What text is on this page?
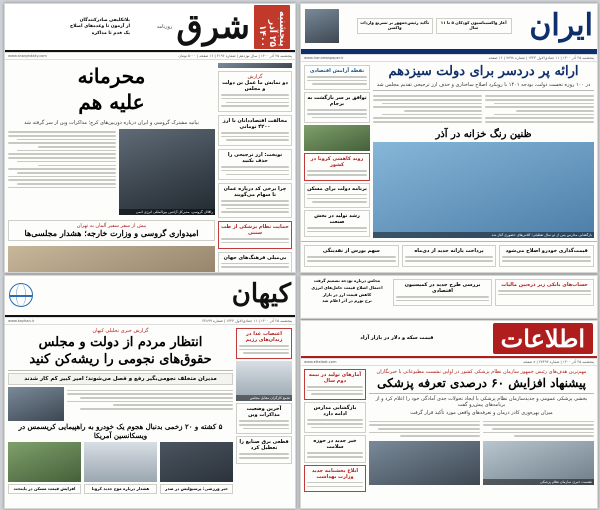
پنجشنبه ۲۵ آذر ۱۴۰۰
شرق
روزنامه
بلاتکلیفی صادرکنندگان
از آزمون تا وعده‌های اصلاح
یک قدم تا مذاکره
پنجشنبه ۲۵ آذر ۱۴۰۰ | سال نوزدهم | شماره ۴۱۹۶ | ۱۶ صفحه | ۵۰۰۰ تومان
www.sharghdaily.com
گزارش
دو نمایش ما عمل بن دولت و مجلس
مخالفت اقتصاد‌دانان با ارز ۴۲۰۰ تومانی
نوبخت: ارز ترجیحی را حذف نکنید
چرا برخی کد درباره عمان تا سهام می‌گویند
حمایت نظام پزشکی از طب سنتی
بی‌میلی فرهنگ‌های جهان
محرمانه
علیه هم
بیانیه مشترک گروسی و ایران درباره دوربین‌های کرج؛ مذاکرات وین از سر گرفته شد
رافائل گروسی، مدیرکل آژانس بین‌المللی انرژی اتمی
پیش از سفر سفیر آلمان به تهران
امیدواری گروسی و وزارت خارجه؛ هشدار مجلسی‌ها
ایران
آغاز واکسیناسیون کودکان ۵ تا ۱۱ سال
تأکید رئیس‌جمهور بر تسریع واردات واکسن
پنجشنبه ۲۵ آذر ۱۴۰۰ | ۱۱ جمادی‌الاول ۱۴۴۳ | شماره ۷۷۹۸ | ۱۶ صفحه
www.irannewspaper.ir
ارائه پر دردسر برای دولت سیزدهم
در ۱۰۰ روزه نخست دولت، بودجه ۱۴۰۱ با رویکرد اصلاح ساختاری و حذف ارز ترجیحی تقدیم مجلس شد
ظنین رنگ خزانه در آذر
بازگشایی مدارس پس از دو سال تعطیلی؛ کلاس‌های حضوری آغاز شد
نقطه آرامش اقتصادی
توافق بر سر بازگشت به برجام
روند کاهشی کرونا در کشور
برنامه دولت برای مسکن
رشد تولید در بخش صنعت
قیمت‌گذاری خودرو اصلاح می‌شود
پرداخت یارانه جدید از دی‌ماه
سهم بورس از نقدینگی
حساب‌های بانکی زیر ذره‌بین مالیات
بررسی طرح جدید در کمیسیون اقتصادی
مجلس درباره بودجه تصمیم گرفت
احتمال اصلاح قیمت حامل‌های انرژی
کاهش قیمت ارز در بازار
نرخ تورم در آذر اعلام شد
کیهان
پنجشنبه ۲۵ آذر ۱۴۰۰ | ۱۱ جمادی‌الاول ۱۴۴۳ | شماره ۲۲۸۹۹
www.kayhan.ir
اعتصاب غذا در زندان‌های رژیم
تجمع کارگران مقابل مجلس
آخرین وضعیت مذاکرات وین
قطعی برق صنایع را تعطیل کرد
گزارش خبری تحلیلی کیهان
انتظار مردم از دولت و مجلس
حقوق‌های نجومی را ریشه‌کن کنید
مدیران متخلف نجومی‌بگیر رفع و فصل می‌شوند؛ امیر کبیر کم کار شدند
۵ کشته و ۲۰ زخمی بدنبال هجوم یک خودرو به راهپیمایی کریسمس در ویسکانسین آمریکا
خبر ورزشی: پرسپولیس در صدر
هشدار درباره موج جدید کرونا
افزایش قیمت مسکن در پایتخت
اطلاعات
قیمت سکه و دلار در بازار آزاد
پنجشنبه ۲۵ آذر ۱۴۰۰ | شماره ۲۷۴۹۳ | ۸ صفحه
www.ettelaat.com
مهم‌ترین هدف‌های رئیس جمهور سازمان نظام پزشکی کشور در اولین نشست مطبوعاتی با خبرنگاران
پیشنهاد افزایش ۶۰ درصدی تعرفه پزشکی
بخشی پزشکی عمومی و جدیدسازمان نظام پزشکی با ایجاد تحولات جدی آمادگی خود را اعلام کرد و از برنامه‌های پیش‌رو گفت
میزان بهره‌وری کادر درمان و تعرفه‌های واقعی مورد تأکید قرار گرفت
نشست خبری سازمان نظام پزشکی
آمار‌های تولید در نیمه دوم سال
بازگشایی مدارس ادامه دارد
خبر جدید در حوزه سلامت
ابلاغ بخشنامه جدید وزارت بهداشت
